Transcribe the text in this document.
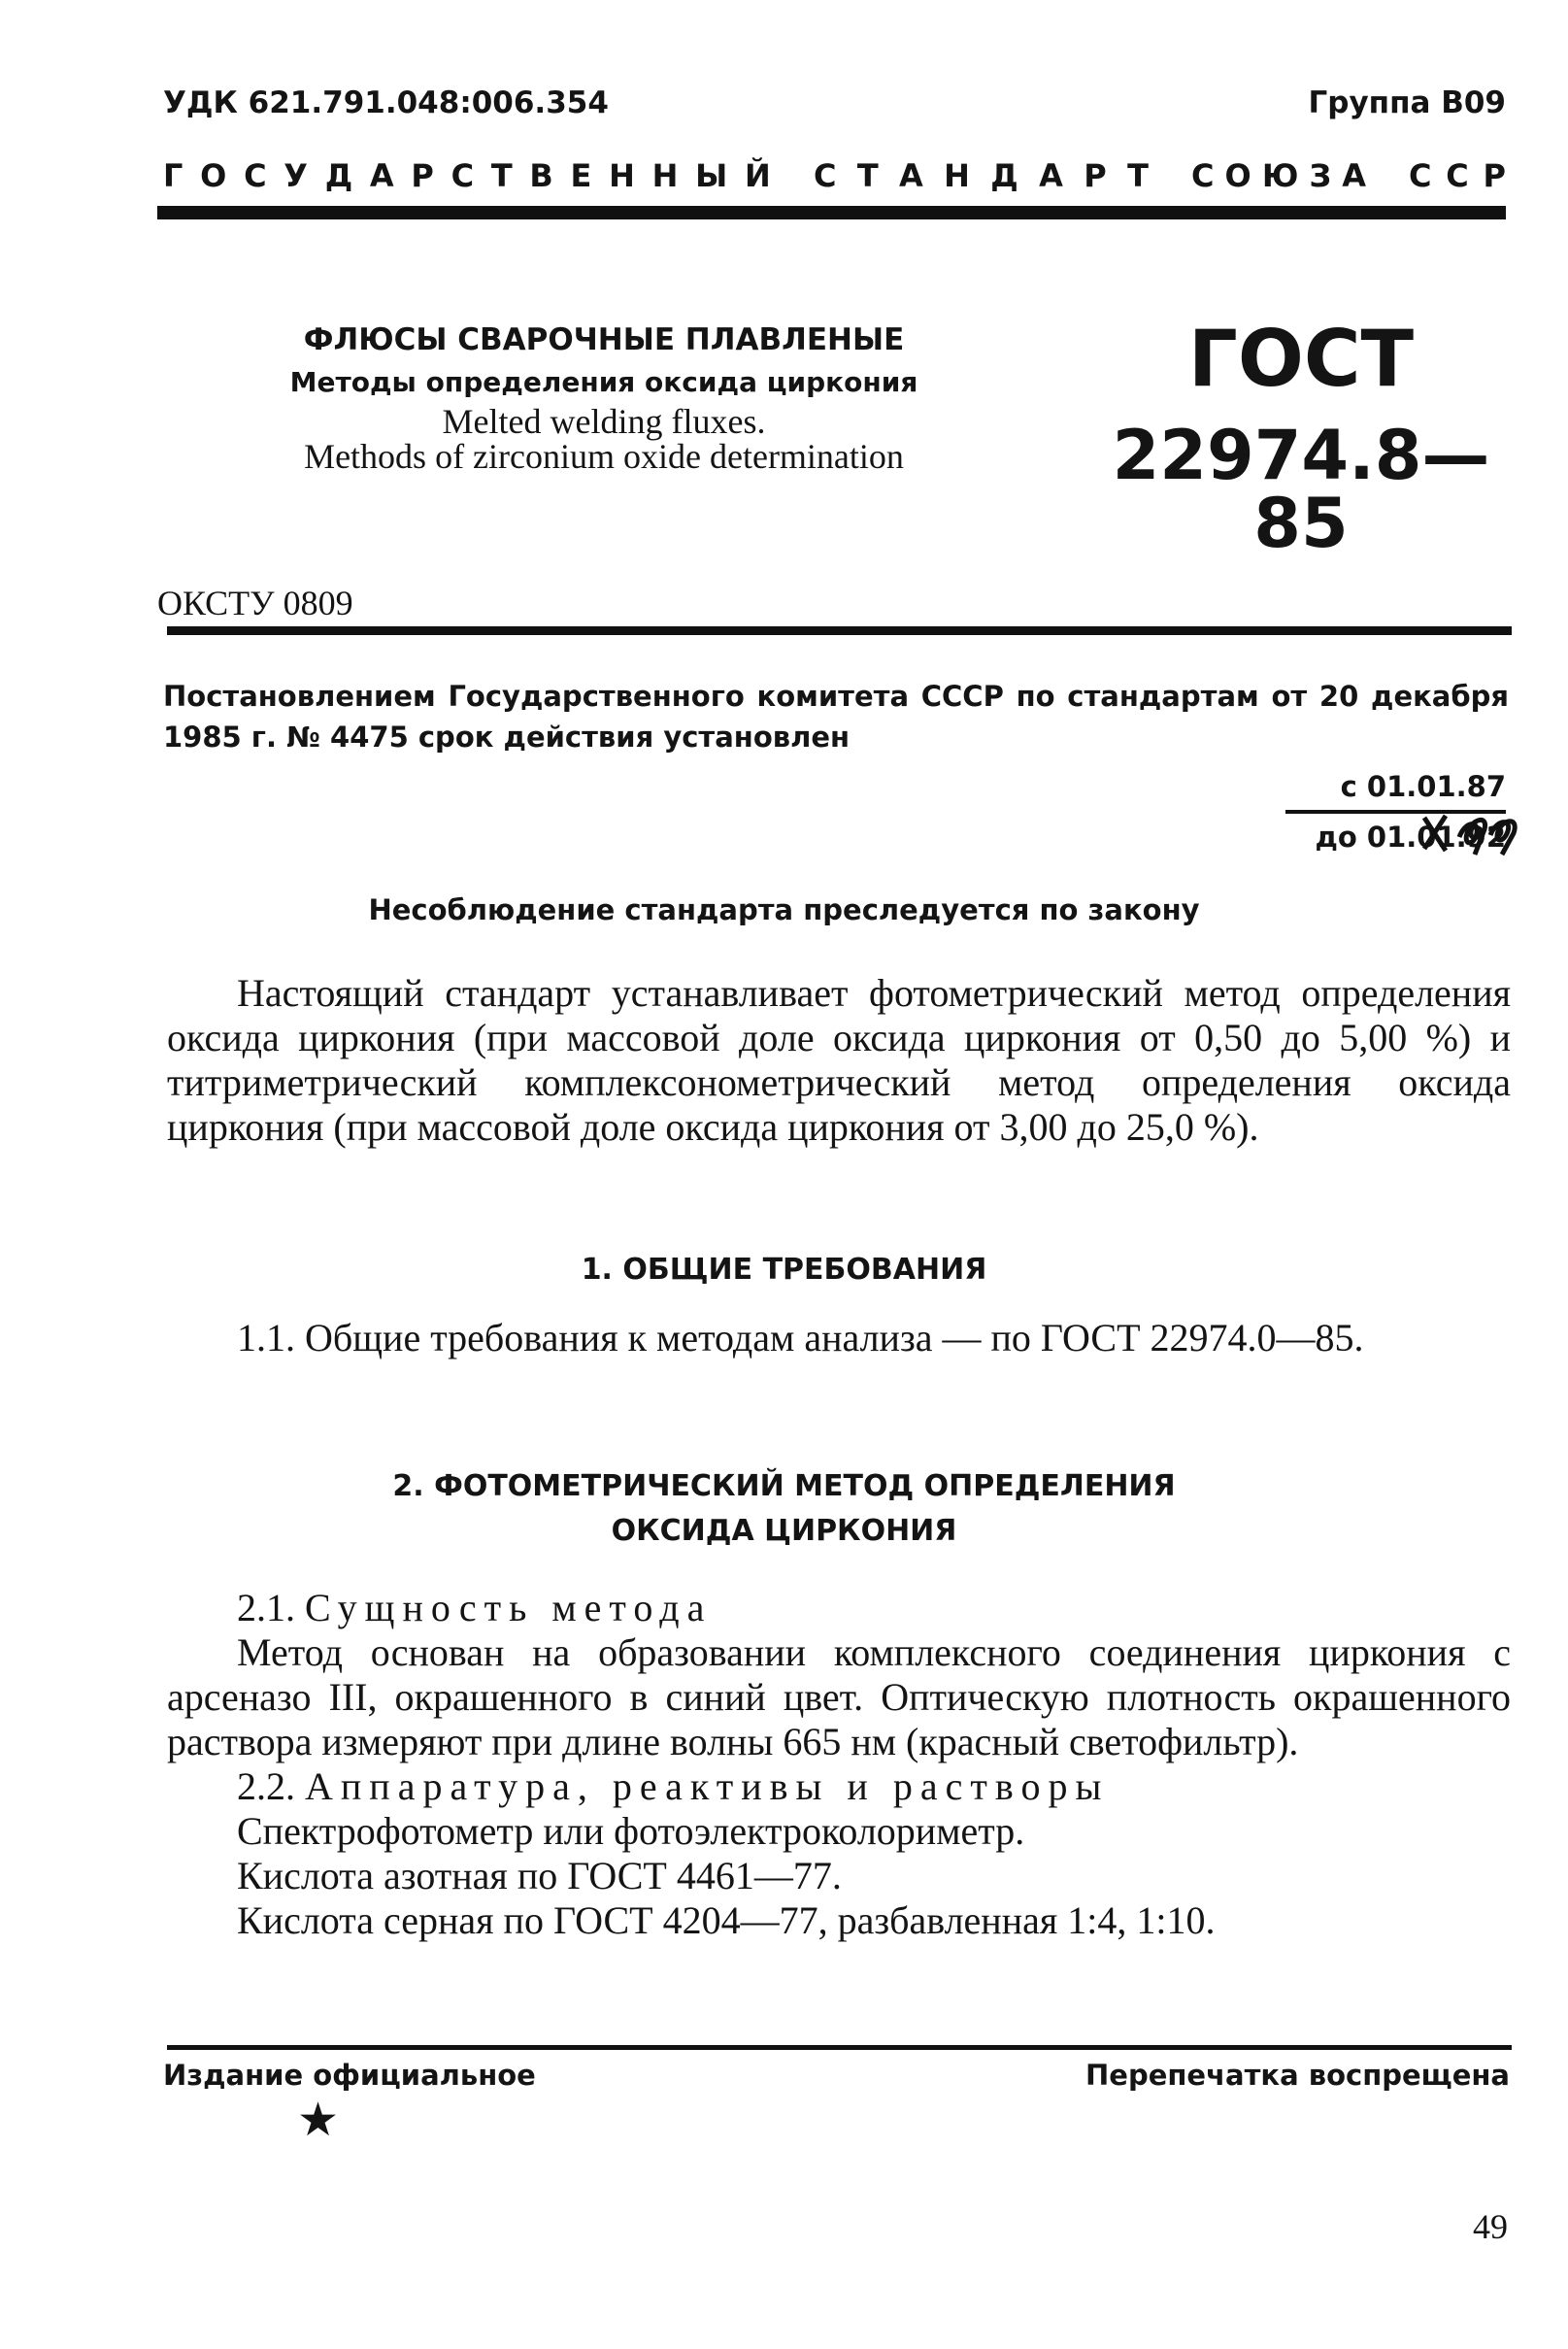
УДК 621.791.048:006.354	Группа В09
Г О С У Д А Р С Т В Е Н Н Ы Й С Т А Н Д А Р Т С О Ю З А С С Р
ФЛЮСЫ СВАРОЧНЫЕ ПЛАВЛЕНЫЕ
Методы определения оксида циркония
Melted welding fluxes.
Methods of zirconium oxide determination
ГОСТ
22974.8—85
ОКСТУ 0809
Постановлением Государственного комитета СССР по стандартам от 20 декабря 1985 г. № 4475 срок действия установлен
с 01.01.87
до 01.01.92
Несоблюдение стандарта преследуется по закону

Настоящий стандарт устанавливает фотометрический метод определения оксида циркония (при массовой доле оксида циркония от 0,50 до 5,00 %) и титриметрический комплексонометрический метод определения оксида циркония (при массовой доле оксида циркония от 3,00 до 25,0 %).

1. ОБЩИЕ ТРЕБОВАНИЯ

1.1. Общие требования к методам анализа — по ГОСТ 22974.0—85.

2. ФОТОМЕТРИЧЕСКИЙ МЕТОД ОПРЕДЕЛЕНИЯ
ОКСИДА ЦИРКОНИЯ

2.1. Сущность метода

Метод основан на образовании комплексного соединения циркония с арсеназо III, окрашенного в синий цвет. Оптическую плотность окрашенного раствора измеряют при длине волны 665 нм (красный светофильтр).

2.2. Аппаратура, реактивы и растворы

Спектрофотометр или фотоэлектроколориметр.

Кислота азотная по ГОСТ 4461—77.

Кислота серная по ГОСТ 4204—77, разбавленная 1:4, 1:10.

Издание официальное	Перепечатка воспрещена
★
49
